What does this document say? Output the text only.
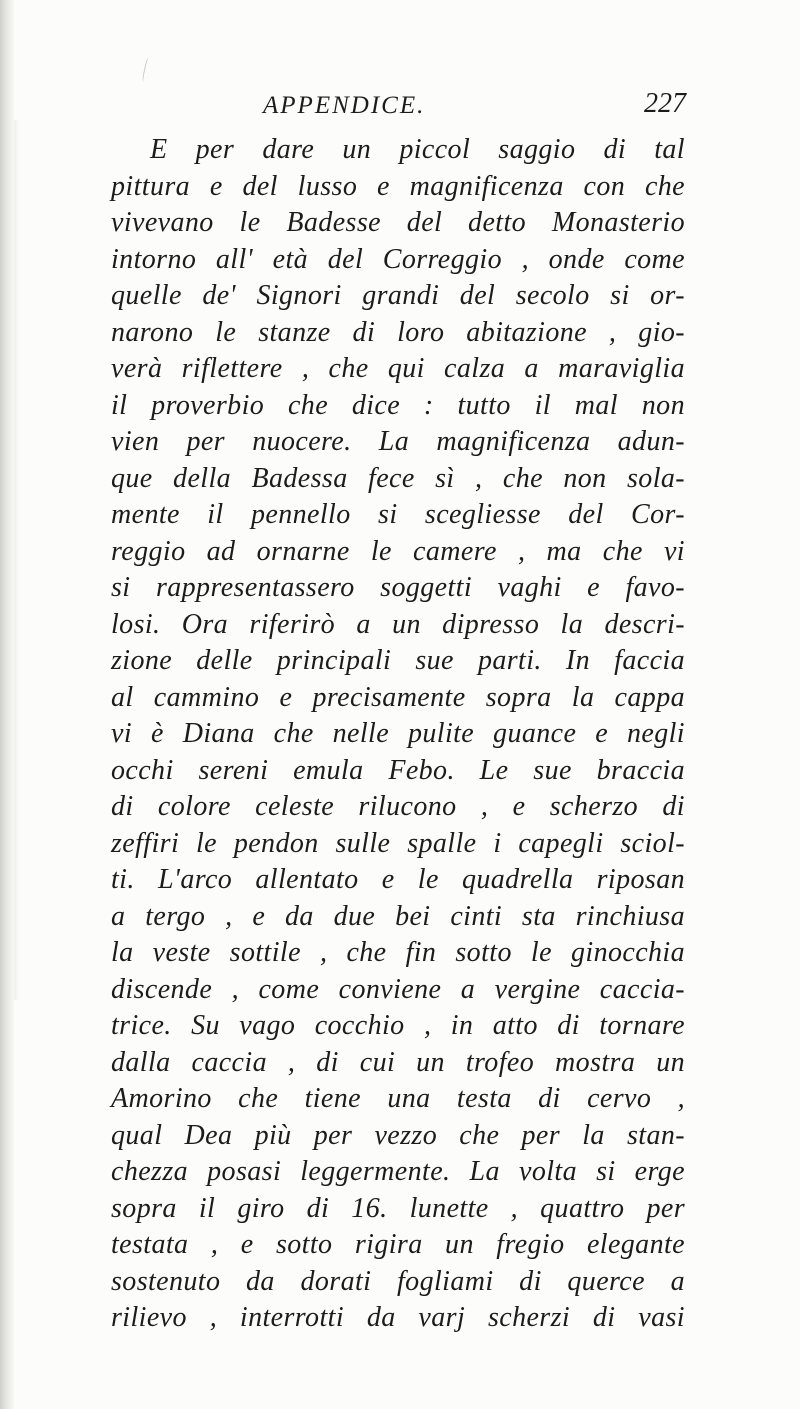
APPENDICE.	227
E per dare un piccol saggio di tal
pittura e del lusso e magnificenza con che
vivevano le Badesse del detto Monasterio
intorno all' età del Correggio , onde come
quelle de' Signori grandi del secolo si or-
narono le stanze di loro abitazione , gio-
verà riflettere , che qui calza a maraviglia
il proverbio che dice : tutto il mal non
vien per nuocere. La magnificenza adun-
que della Badessa fece sì , che non sola-
mente il pennello si scegliesse del Cor-
reggio ad ornarne le camere , ma che vi
si rappresentassero soggetti vaghi e favo-
losi. Ora riferirò a un dipresso la descri-
zione delle principali sue parti. In faccia
al cammino e precisamente sopra la cappa
vi è Diana che nelle pulite guance e negli
occhi sereni emula Febo. Le sue braccia
di colore celeste rilucono , e scherzo di
zeffiri le pendon sulle spalle i capegli sciol-
ti. L'arco allentato e le quadrella riposan
a tergo , e da due bei cinti sta rinchiusa
la veste sottile , che fin sotto le ginocchia
discende , come conviene a vergine caccia-
trice. Su vago cocchio , in atto di tornare
dalla caccia , di cui un trofeo mostra un
Amorino che tiene una testa di cervo ,
qual Dea più per vezzo che per la stan-
chezza posasi leggermente. La volta si erge
sopra il giro di 16. lunette , quattro per
testata , e sotto rigira un fregio elegante
sostenuto da dorati fogliami di querce a
rilievo , interrotti da varj scherzi di vasi
